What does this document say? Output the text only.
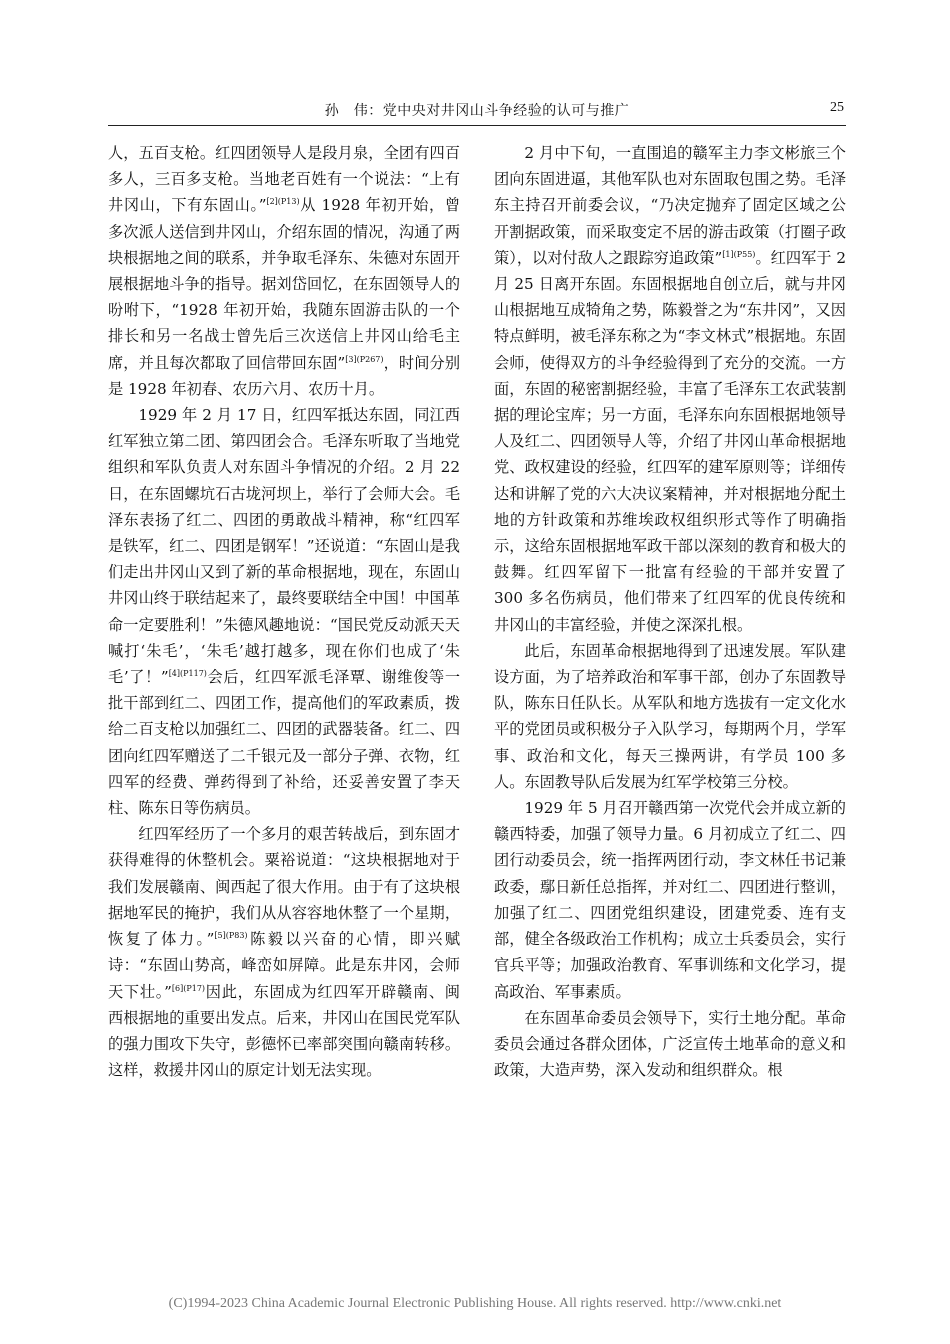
孙　伟：党中央对井冈山斗争经验的认可与推广	25

人，五百支枪。红四团领导人是段月泉，全团有四百多人，三百多支枪。当地老百姓有一个说法：“上有井冈山，下有东固山。”$^{[2](P13)}$从 1928 年初开始，曾多次派人送信到井冈山，介绍东固的情况，沟通了两块根据地之间的联系，并争取毛泽东、朱德对东固开展根据地斗争的指导。据刘岱回忆，在东固领导人的吩咐下，“1928 年初开始，我随东固游击队的一个排长和另一名战士曾先后三次送信上井冈山给毛主席，并且每次都取了回信带回东固”$^{[3](P267)}$，时间分别是 1928 年初春、农历六月、农历十月。

1929 年 2 月 17 日，红四军抵达东固，同江西红军独立第二团、第四团会合。毛泽东听取了当地党组织和军队负责人对东固斗争情况的介绍。2 月 22 日，在东固螺坑石古垅河坝上，举行了会师大会。毛泽东表扬了红二、四团的勇敢战斗精神，称“红四军是铁军，红二、四团是钢军！”还说道：“东固山是我们走出井冈山又到了新的革命根据地，现在，东固山井冈山终于联结起来了，最终要联结全中国！中国革命一定要胜利！”朱德风趣地说：“国民党反动派天天喊打‘朱毛’，‘朱毛’越打越多，现在你们也成了‘朱毛’了！”$^{[4](P117)}$会后，红四军派毛泽覃、谢维俊等一批干部到红二、四团工作，提高他们的军政素质，拨给二百支枪以加强红二、四团的武器装备。红二、四团向红四军赠送了二千银元及一部分子弹、衣物，红四军的经费、弹药得到了补给，还妥善安置了李天柱、陈东日等伤病员。

红四军经历了一个多月的艰苦转战后，到东固才获得难得的休整机会。粟裕说道：“这块根据地对于我们发展赣南、闽西起了很大作用。由于有了这块根据地军民的掩护，我们从从容容地休整了一个星期，恢复了体力。”$^{[5](P83)}$陈毅以兴奋的心情，即兴赋诗：“东固山势高，峰峦如屏障。此是东井冈，会师天下壮。”$^{[6](P17)}$因此，东固成为红四军开辟赣南、闽西根据地的重要出发点。后来，井冈山在国民党军队的强力围攻下失守，彭德怀已率部突围向赣南转移。这样，救援井冈山的原定计划无法实现。

2 月中下旬，一直围追的赣军主力李文彬旅三个团向东固进逼，其他军队也对东固取包围之势。毛泽东主持召开前委会议，“乃决定抛弃了固定区域之公开割据政策，而采取变定不居的游击政策（打圈子政策），以对付敌人之跟踪穷追政策”$^{[1](P55)}$。红四军于 2 月 25 日离开东固。东固根据地自创立后，就与井冈山根据地互成犄角之势，陈毅誉之为“东井冈”，又因特点鲜明，被毛泽东称之为“李文林式”根据地。东固会师，使得双方的斗争经验得到了充分的交流。一方面，东固的秘密割据经验，丰富了毛泽东工农武装割据的理论宝库；另一方面，毛泽东向东固根据地领导人及红二、四团领导人等，介绍了井冈山革命根据地党、政权建设的经验，红四军的建军原则等；详细传达和讲解了党的六大决议案精神，并对根据地分配土地的方针政策和苏维埃政权组织形式等作了明确指示，这给东固根据地军政干部以深刻的教育和极大的鼓舞。红四军留下一批富有经验的干部并安置了 300 多名伤病员，他们带来了红四军的优良传统和井冈山的丰富经验，并使之深深扎根。

此后，东固革命根据地得到了迅速发展。军队建设方面，为了培养政治和军事干部，创办了东固教导队，陈东日任队长。从军队和地方选拔有一定文化水平的党团员或积极分子入队学习，每期两个月，学军事、政治和文化，每天三操两讲，有学员 100 多人。东固教导队后发展为红军学校第三分校。

1929 年 5 月召开赣西第一次党代会并成立新的赣西特委，加强了领导力量。6 月初成立了红二、四团行动委员会，统一指挥两团行动，李文林任书记兼政委，鄢日新任总指挥，并对红二、四团进行整训，加强了红二、四团党组织建设，团建党委、连有支部，健全各级政治工作机构；成立士兵委员会，实行官兵平等；加强政治教育、军事训练和文化学习，提高政治、军事素质。

在东固革命委员会领导下，实行土地分配。革命委员会通过各群众团体，广泛宣传土地革命的意义和政策，大造声势，深入发动和组织群众。根

(C)1994-2023 China Academic Journal Electronic Publishing House. All rights reserved. http://www.cnki.net
